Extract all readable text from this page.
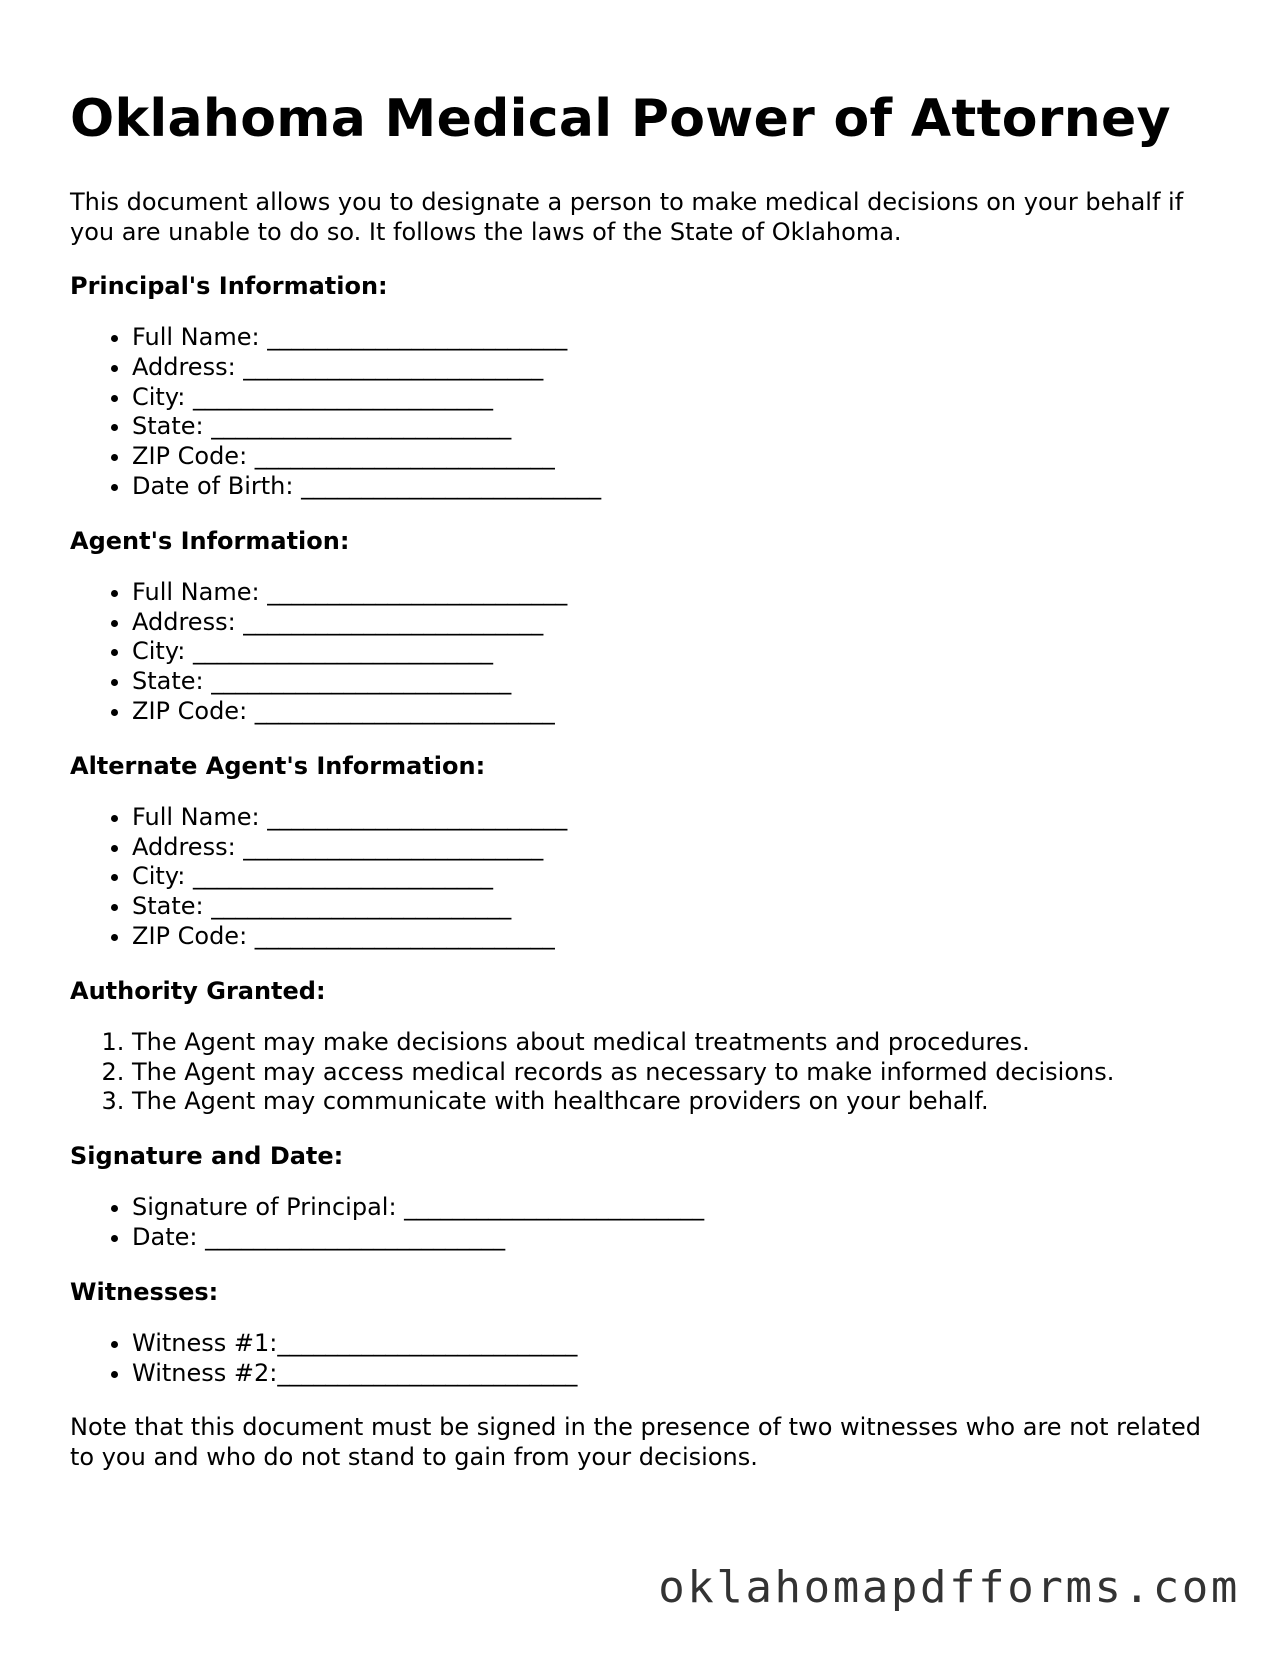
Oklahoma Medical Power of Attorney

This document allows you to designate a person to make medical decisions on your behalf if you are unable to do so. It follows the laws of the State of Oklahoma.

Principal's Information:
• Full Name: _________________________
• Address: _________________________
• City: _________________________
• State: _________________________
• ZIP Code: _________________________
• Date of Birth: _________________________
Agent's Information:
• Full Name: _________________________
• Address: _________________________
• City: _________________________
• State: _________________________
• ZIP Code: _________________________
Alternate Agent's Information:
• Full Name: _________________________
• Address: _________________________
• City: _________________________
• State: _________________________
• ZIP Code: _________________________
Authority Granted:
1. The Agent may make decisions about medical treatments and procedures.
2. The Agent may access medical records as necessary to make informed decisions.
3. The Agent may communicate with healthcare providers on your behalf.
Signature and Date:
• Signature of Principal: _________________________
• Date: _________________________
Witnesses:
• Witness #1:_________________________
• Witness #2:_________________________

Note that this document must be signed in the presence of two witnesses who are not related to you and who do not stand to gain from your decisions.

oklahomapdfforms.com
